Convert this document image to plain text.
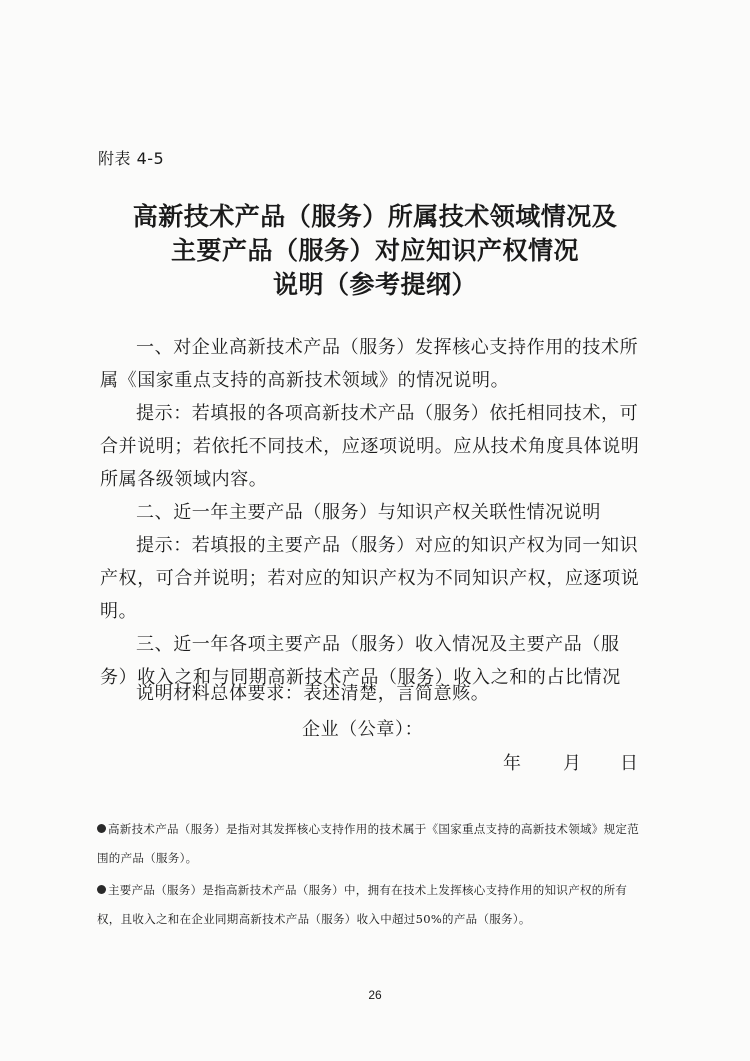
附表 4-5
高新技术产品（服务）所属技术领域情况及
主要产品（服务）对应知识产权情况
说明（参考提纲）
一、对企业高新技术产品（服务）发挥核心支持作用的技术所属《国家重点支持的高新技术领域》的情况说明。
提示：若填报的各项高新技术产品（服务）依托相同技术，可合并说明；若依托不同技术，应逐项说明。应从技术角度具体说明所属各级领域内容。
二、近一年主要产品（服务）与知识产权关联性情况说明
提示：若填报的主要产品（服务）对应的知识产权为同一知识产权，可合并说明；若对应的知识产权为不同知识产权，应逐项说明。
三、近一年各项主要产品（服务）收入情况及主要产品（服务）收入之和与同期高新技术产品（服务）收入之和的占比情况
说明材料总体要求：表述清楚，言简意赅。
企业（公章）：
年 月 日
高新技术产品（服务）是指对其发挥核心支持作用的技术属于《国家重点支持的高新技术领域》规定范围的产品（服务）。
主要产品（服务）是指高新技术产品（服务）中，拥有在技术上发挥核心支持作用的知识产权的所有权，且收入之和在企业同期高新技术产品（服务）收入中超过50%的产品（服务）。
26
